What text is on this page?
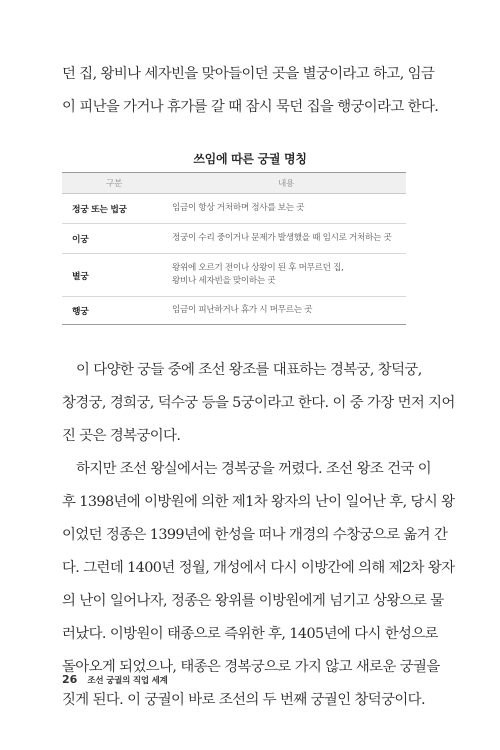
던 집, 왕비나 세자빈을 맞아들이던 곳을 별궁이라고 하고, 임금

이 피난을 가거나 휴가를 갈 때 잠시 묵던 집을 행궁이라고 한다.

쓰임에 따른 궁궐 명칭
구분	내용
정궁 또는 법궁	임금이 항상 거처하며 정사를 보는 곳
이궁	정궁이 수리 중이거나 문제가 발생했을 때 임시로 거처하는 곳
별궁
왕위에 오르기 전이나 상왕이 된 후 머무르던 집,
왕비나 세자빈을 맞이하는 곳
행궁	임금이 피난하거나 휴가 시 머무르는 곳

이 다양한 궁들 중에 조선 왕조를 대표하는 경복궁, 창덕궁,

창경궁, 경희궁, 덕수궁 등을 5궁이라고 한다. 이 중 가장 먼저 지어

진 곳은 경복궁이다.

하지만 조선 왕실에서는 경복궁을 꺼렸다. 조선 왕조 건국 이

후 1398년에 이방원에 의한 제1차 왕자의 난이 일어난 후, 당시 왕

이었던 정종은 1399년에 한성을 떠나 개경의 수창궁으로 옮겨 간

다. 그런데 1400년 정월, 개성에서 다시 이방간에 의해 제2차 왕자

의 난이 일어나자, 정종은 왕위를 이방원에게 넘기고 상왕으로 물

러났다. 이방원이 태종으로 즉위한 후, 1405년에 다시 한성으로

돌아오게 되었으나, 태종은 경복궁으로 가지 않고 새로운 궁궐을

짓게 된다. 이 궁궐이 바로 조선의 두 번째 궁궐인 창덕궁이다.

26 조선 궁궐의 직업 세계
